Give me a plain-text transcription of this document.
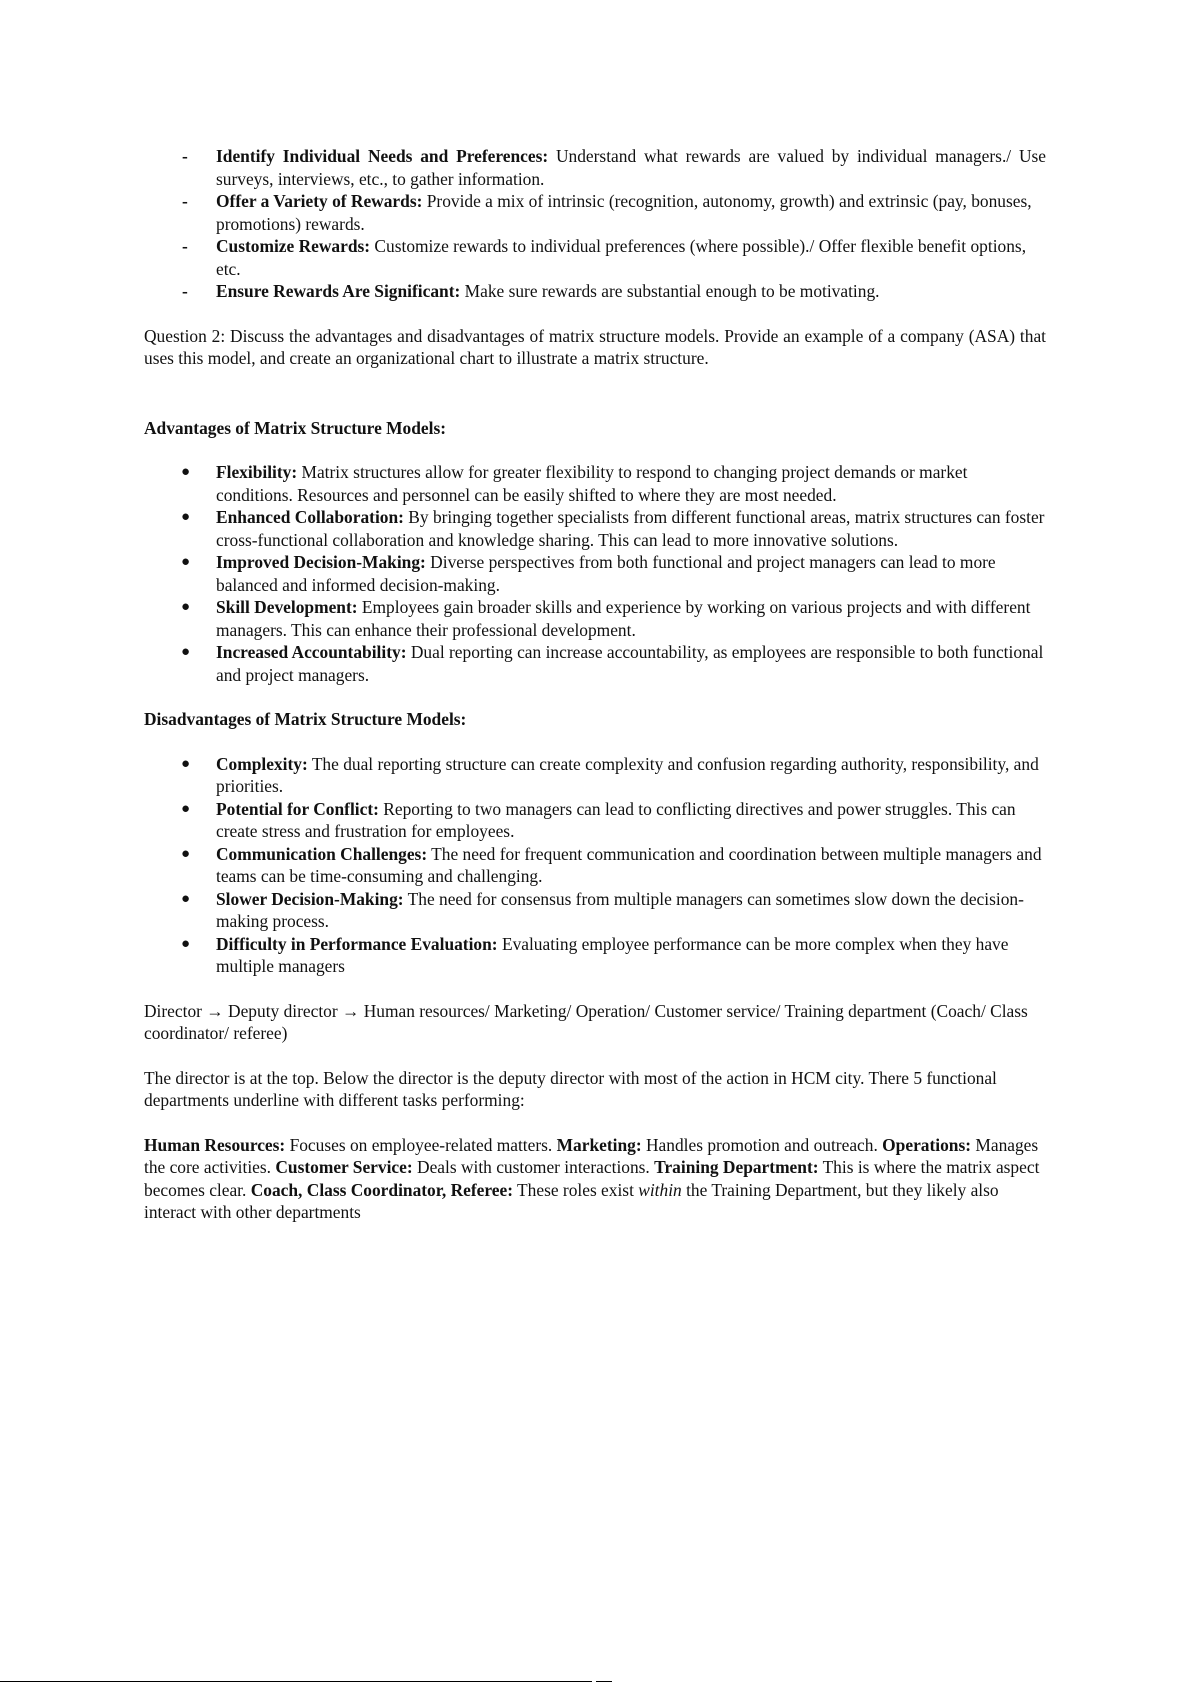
- Identify Individual Needs and Preferences: Understand what rewards are valued by individual managers./ Use surveys, interviews, etc., to gather information.
- Offer a Variety of Rewards: Provide a mix of intrinsic (recognition, autonomy, growth) and extrinsic (pay, bonuses, promotions) rewards.
- Customize Rewards: Customize rewards to individual preferences (where possible)./ Offer flexible benefit options, etc.
- Ensure Rewards Are Significant: Make sure rewards are substantial enough to be motivating.

Question 2: Discuss the advantages and disadvantages of matrix structure models. Provide an example of a company (ASA) that uses this model, and create an organizational chart to illustrate a matrix structure.

Advantages of Matrix Structure Models:

● Flexibility: Matrix structures allow for greater flexibility to respond to changing project demands or market conditions. Resources and personnel can be easily shifted to where they are most needed.
● Enhanced Collaboration: By bringing together specialists from different functional areas, matrix structures can foster cross-functional collaboration and knowledge sharing. This can lead to more innovative solutions.
● Improved Decision-Making: Diverse perspectives from both functional and project managers can lead to more balanced and informed decision-making.
● Skill Development: Employees gain broader skills and experience by working on various projects and with different managers. This can enhance their professional development.
● Increased Accountability: Dual reporting can increase accountability, as employees are responsible to both functional and project managers.

Disadvantages of Matrix Structure Models:

● Complexity: The dual reporting structure can create complexity and confusion regarding authority, responsibility, and priorities.
● Potential for Conflict: Reporting to two managers can lead to conflicting directives and power struggles. This can create stress and frustration for employees.
● Communication Challenges: The need for frequent communication and coordination between multiple managers and teams can be time-consuming and challenging.
● Slower Decision-Making: The need for consensus from multiple managers can sometimes slow down the decision-making process.
● Difficulty in Performance Evaluation: Evaluating employee performance can be more complex when they have multiple managers

Director → Deputy director → Human resources/ Marketing/ Operation/ Customer service/ Training department (Coach/ Class coordinator/ referee)

The director is at the top. Below the director is the deputy director with most of the action in HCM city. There 5 functional departments underline with different tasks performing:

Human Resources: Focuses on employee-related matters. Marketing: Handles promotion and outreach. Operations: Manages the core activities. Customer Service: Deals with customer interactions. Training Department: This is where the matrix aspect becomes clear. Coach, Class Coordinator, Referee: These roles exist within the Training Department, but they likely also interact with other departments
